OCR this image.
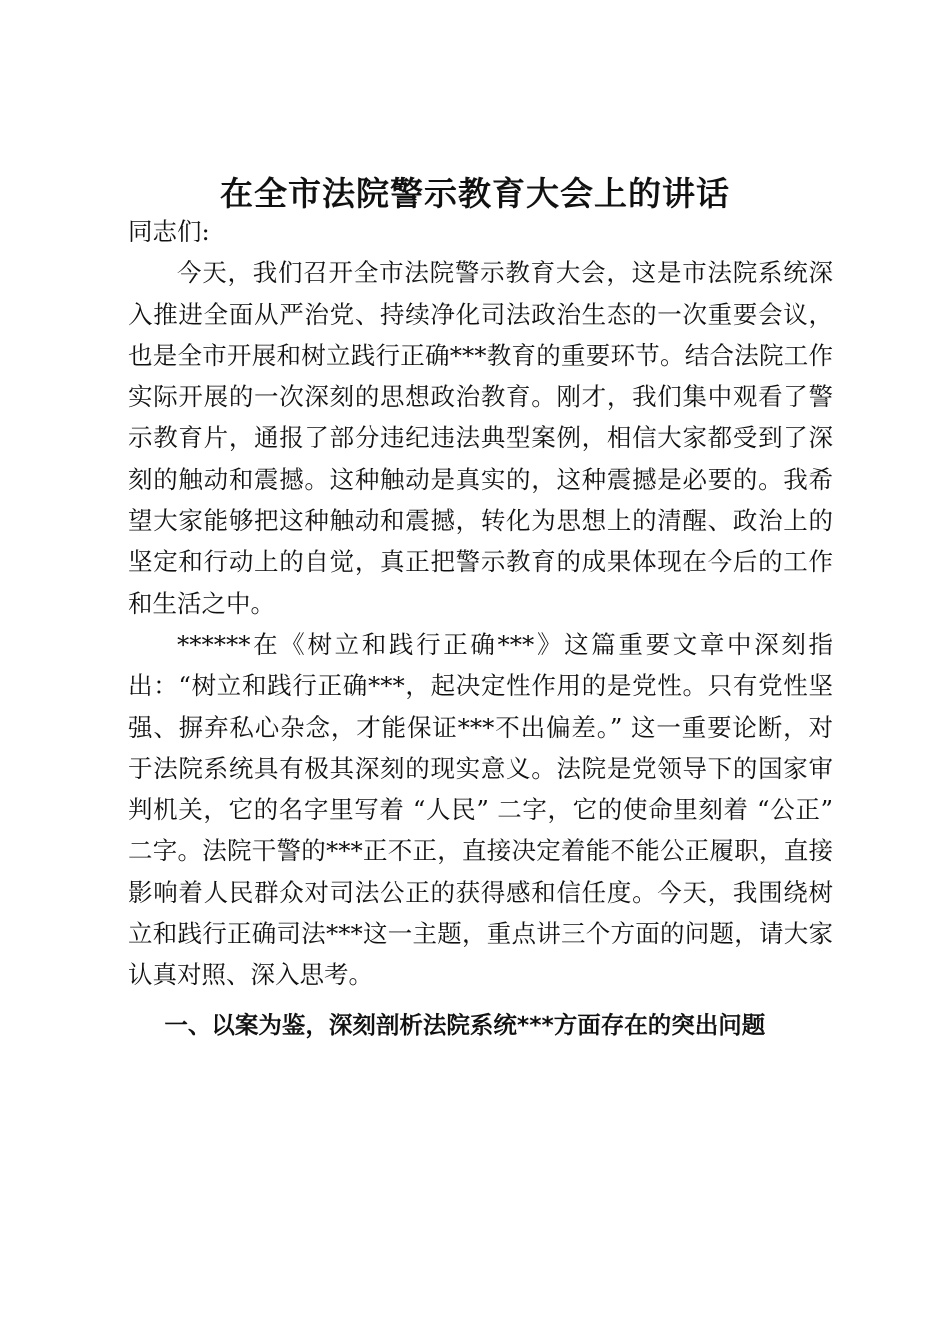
在全市法院警示教育大会上的讲话

同志们:

今天，我们召开全市法院警示教育大会，这是市法院系统深入推进全面从严治党、持续净化司法政治生态的一次重要会议，也是全市开展和树立践行正确***教育的重要环节。结合法院工作实际开展的一次深刻的思想政治教育。刚才，我们集中观看了警示教育片，通报了部分违纪违法典型案例，相信大家都受到了深刻的触动和震撼。这种触动是真实的，这种震撼是必要的。我希望大家能够把这种触动和震撼，转化为思想上的清醒、政治上的坚定和行动上的自觉，真正把警示教育的成果体现在今后的工作和生活之中。

******在《树立和践行正确***》这篇重要文章中深刻指出：“树立和践行正确***，起决定性作用的是党性。只有党性坚强、摒弃私心杂念，才能保证***不出偏差。” 这一重要论断，对于法院系统具有极其深刻的现实意义。法院是党领导下的国家审判机关，它的名字里写着 “人民” 二字，它的使命里刻着 “公正” 二字。法院干警的***正不正，直接决定着能不能公正履职，直接影响着人民群众对司法公正的获得感和信任度。今天，我围绕树立和践行正确司法***这一主题，重点讲三个方面的问题，请大家认真对照、深入思考。

一、以案为鉴，深刻剖析法院系统***方面存在的突出问题
